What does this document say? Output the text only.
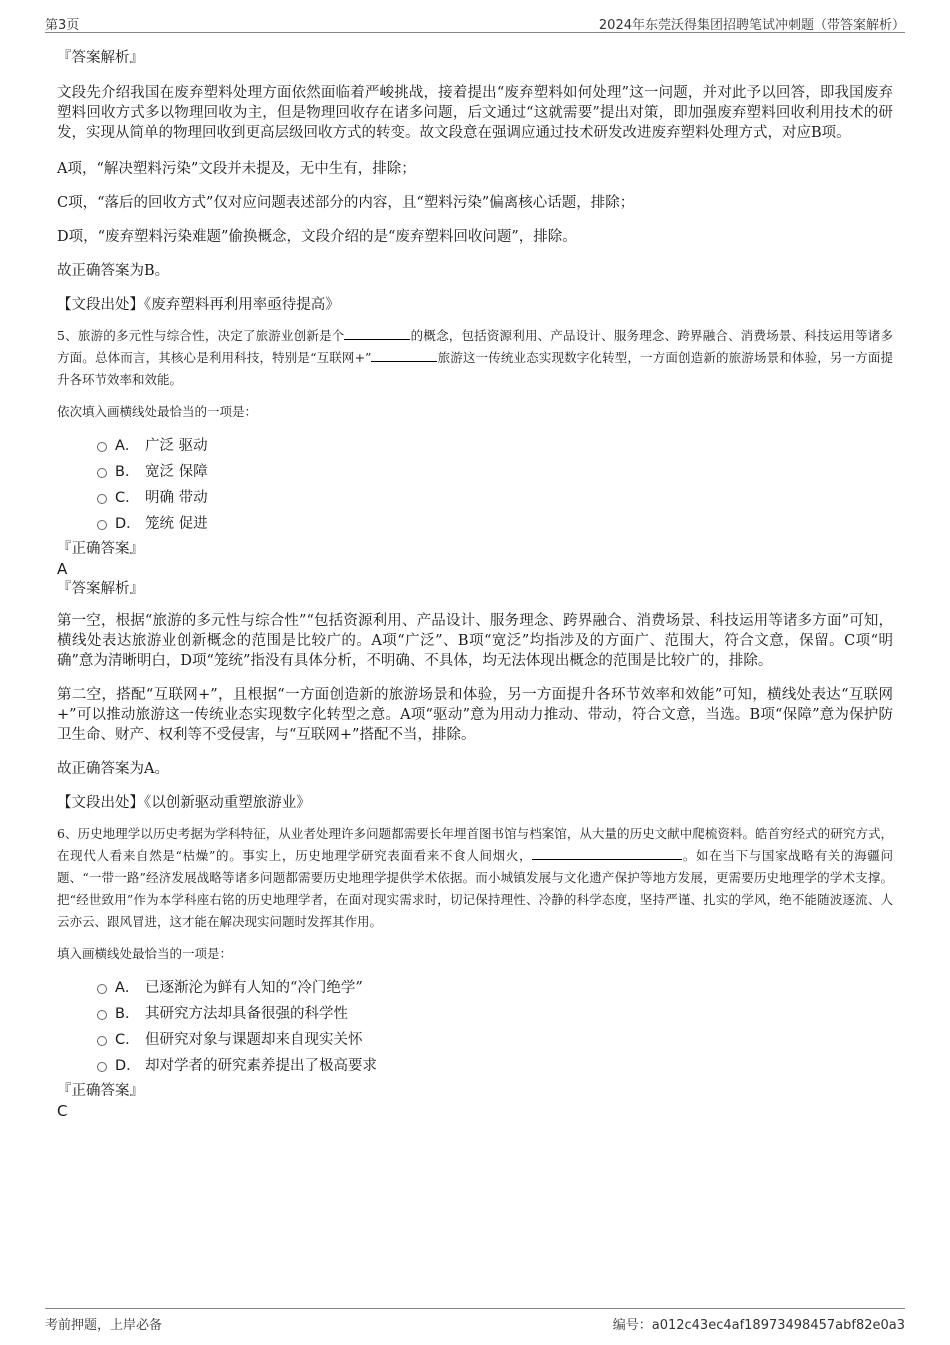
第3页	2024年东莞沃得集团招聘笔试冲刺题（带答案解析）

『答案解析』

文段先介绍我国在废弃塑料处理方面依然面临着严峻挑战，接着提出“废弃塑料如何处理”这一问题，并对此予以回答，即我国废弃塑料回收方式多以物理回收为主，但是物理回收存在诸多问题，后文通过“这就需要”提出对策，即加强废弃塑料回收利用技术的研发，实现从简单的物理回收到更高层级回收方式的转变。故文段意在强调应通过技术研发改进废弃塑料处理方式，对应B项。

A项，“解决塑料污染”文段并未提及，无中生有，排除；

C项，“落后的回收方式”仅对应问题表述部分的内容，且“塑料污染”偏离核心话题，排除；

D项，“废弃塑料污染难题”偷换概念，文段介绍的是“废弃塑料回收问题”，排除。

故正确答案为B。

【文段出处】《废弃塑料再利用率亟待提高》

5、旅游的多元性与综合性，决定了旅游业创新是个	的概念，包括资源利用、产品设计、服务理念、跨界融合、消费场景、科技运用等诸多方面。总体而言，其核心是利用科技，特别是“互联网+”	旅游这一传统业态实现数字化转型，一方面创造新的旅游场景和体验，另一方面提升各环节效率和效能。

依次填入画横线处最恰当的一项是：

A． 广泛 驱动
B． 宽泛 保障
C． 明确 带动
D． 笼统 促进

『正确答案』

A

『答案解析』

第一空，根据“旅游的多元性与综合性”“包括资源利用、产品设计、服务理念、跨界融合、消费场景、科技运用等诸多方面”可知，横线处表达旅游业创新概念的范围是比较广的。A项“广泛”、B项“宽泛”均指涉及的方面广、范围大，符合文意，保留。C项“明确”意为清晰明白，D项“笼统”指没有具体分析，不明确、不具体，均无法体现出概念的范围是比较广的，排除。

第二空，搭配“互联网+”，且根据“一方面创造新的旅游场景和体验，另一方面提升各环节效率和效能”可知，横线处表达“互联网+”可以推动旅游这一传统业态实现数字化转型之意。A项“驱动”意为用动力推动、带动，符合文意，当选。B项“保障”意为保护防卫生命、财产、权利等不受侵害，与“互联网+”搭配不当，排除。

故正确答案为A。

【文段出处】《以创新驱动重塑旅游业》

6、历史地理学以历史考据为学科特征，从业者处理许多问题都需要长年埋首图书馆与档案馆，从大量的历史文献中爬梳资料。皓首穷经式的研究方式，在现代人看来自然是“枯燥”的。事实上，历史地理学研究表面看来不食人间烟火，	。如在当下与国家战略有关的海疆问题、“一带一路”经济发展战略等诸多问题都需要历史地理学提供学术依据。而小城镇发展与文化遗产保护等地方发展，更需要历史地理学的学术支撑。把“经世致用”作为本学科座右铭的历史地理学者，在面对现实需求时，切记保持理性、冷静的科学态度，坚持严谨、扎实的学风，绝不能随波逐流、人云亦云、跟风冒进，这才能在解决现实问题时发挥其作用。

填入画横线处最恰当的一项是：

A． 已逐渐沦为鲜有人知的“冷门绝学”
B． 其研究方法却具备很强的科学性
C． 但研究对象与课题却来自现实关怀
D． 却对学者的研究素养提出了极高要求

『正确答案』

C

考前押题，上岸必备	编号：a012c43ec4af18973498457abf82e0a3
